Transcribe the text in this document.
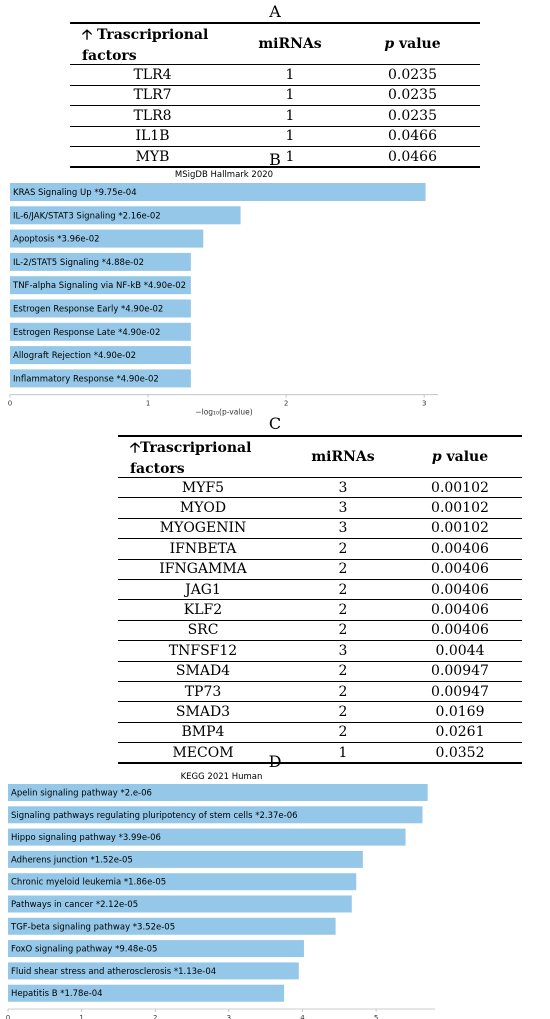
A
🡡 Trascriprional factors	miRNAs	p value
TLR4	1	0.0235
TLR7	1	0.0235
TLR8	1	0.0235
IL1B	1	0.0466
MYB	1	0.0466
B
MSigDB Hallmark 2020
KRAS Signaling Up *9.75e-04
IL-6/JAK/STAT3 Signaling *2.16e-02
Apoptosis *3.96e-02
IL-2/STAT5 Signaling *4.88e-02
TNF-alpha Signaling via NF-kB *4.90e-02
Estrogen Response Early *4.90e-02
Estrogen Response Late *4.90e-02
Allograft Rejection *4.90e-02
Inflammatory Response *4.90e-02
0	1	2	3
−log₁₀(p-value)
C
🡡Trascriprional factors	miRNAs	p value
MYF5	3	0.00102
MYOD	3	0.00102
MYOGENIN	3	0.00102
IFNBETA	2	0.00406
IFNGAMMA	2	0.00406
JAG1	2	0.00406
KLF2	2	0.00406
SRC	2	0.00406
TNFSF12	3	0.0044
SMAD4	2	0.00947
TP73	2	0.00947
SMAD3	2	0.0169
BMP4	2	0.0261
MECOM	1	0.0352
D
KEGG 2021 Human
Apelin signaling pathway *2.e-06
Signaling pathways regulating pluripotency of stem cells *2.37e-06
Hippo signaling pathway *3.99e-06
Adherens junction *1.52e-05
Chronic myeloid leukemia *1.86e-05
Pathways in cancer *2.12e-05
TGF-beta signaling pathway *3.52e-05
FoxO signaling pathway *9.48e-05
Fluid shear stress and atherosclerosis *1.13e-04
Hepatitis B *1.78e-04
0	1	2	3	4	5
